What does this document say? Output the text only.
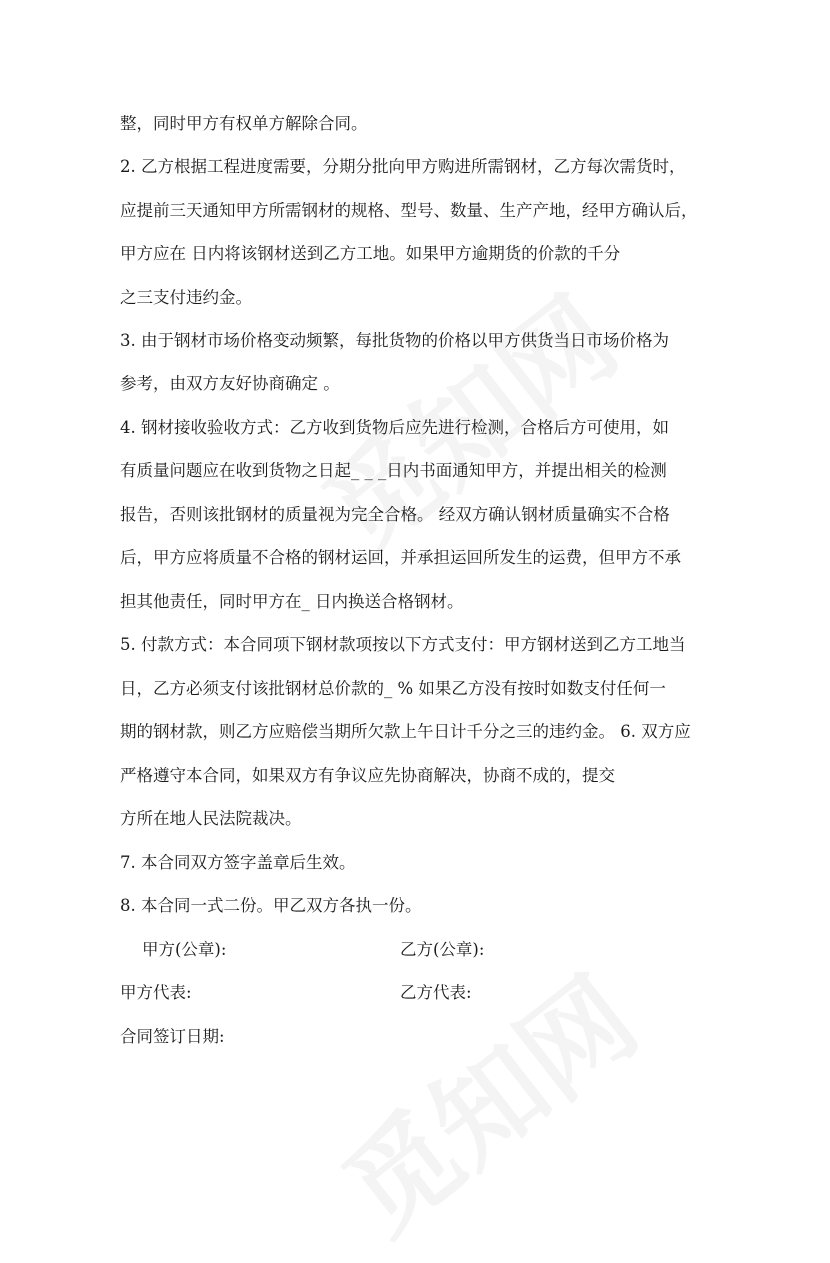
整，同时甲方有权单方解除合同。
2. 乙方根据工程进度需要，分期分批向甲方购进所需钢材，乙方每次需货时，
应提前三天通知甲方所需钢材的规格、型号、数量、生产产地，经甲方确认后，
甲方应在 日内将该钢材送到乙方工地。如果甲方逾期货的价款的千分
之三支付违约金。
3. 由于钢材市场价格变动频繁，每批货物的价格以甲方供货当日市场价格为
参考，由双方友好协商确定 。
4. 钢材接收验收方式：乙方收到货物后应先进行检测，合格后方可使用，如
有质量问题应在收到货物之日起_ _ _日内书面通知甲方，并提出相关的检测
报告，否则该批钢材的质量视为完全合格。 经双方确认钢材质量确实不合格
后，甲方应将质量不合格的钢材运回，并承担运回所发生的运费，但甲方不承
担其他责任，同时甲方在_ 日内换送合格钢材。
5. 付款方式：本合同项下钢材款项按以下方式支付：甲方钢材送到乙方工地当
日，乙方必须支付该批钢材总价款的_ % 如果乙方没有按时如数支付任何一
期的钢材款，则乙方应赔偿当期所欠款上午日计千分之三的违约金。 6. 双方应
严格遵守本合同，如果双方有争议应先协商解决，协商不成的，提交
方所在地人民法院裁决。
7. 本合同双方签字盖章后生效。
8. 本合同一式二份。甲乙双方各执一份。
甲方(公章):	乙方(公章):
甲方代表:	乙方代表:
合同签订日期:
